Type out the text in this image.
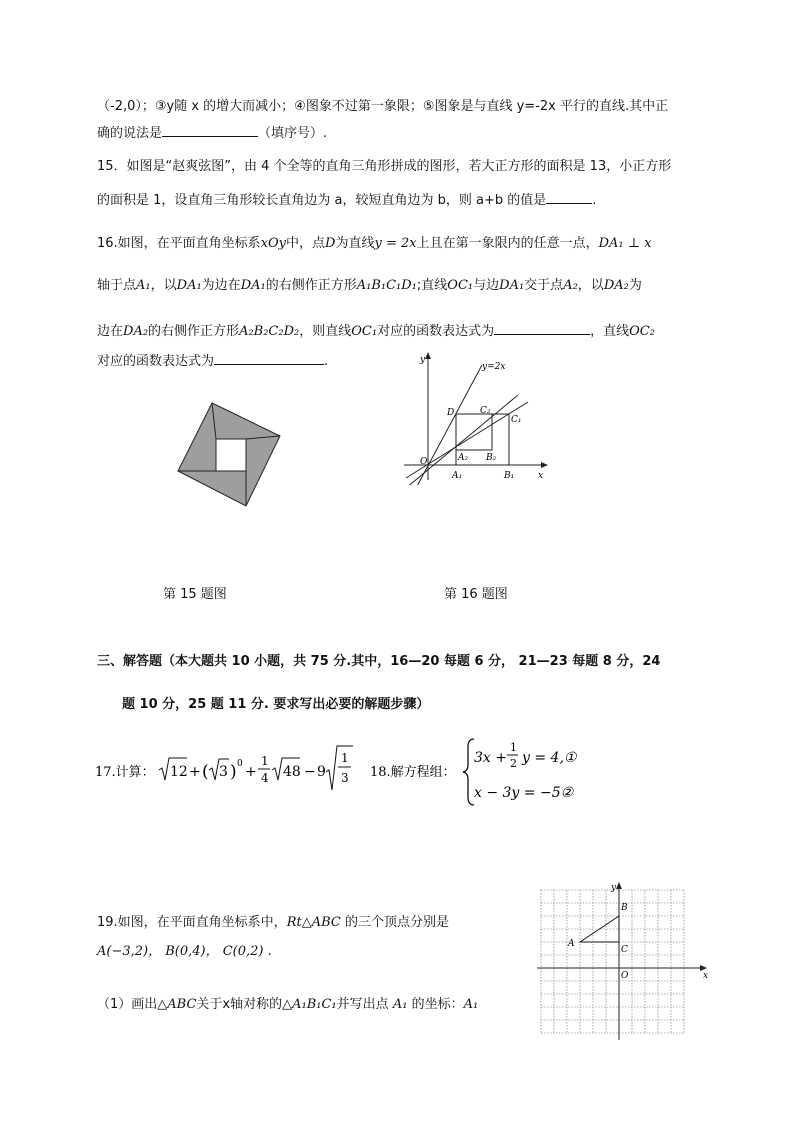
（-2,0）；③y随 x 的增大而减小；④图象不过第一象限；⑤图象是与直线 y=-2x 平行的直线.其中正
确的说法是	（填序号）.
15．如图是“赵爽弦图”，由 4 个全等的直角三角形拼成的图形，若大正方形的面积是 13，小正方形
的面积是 1，设直角三角形较长直角边为 a，较短直角边为 b，则 a+b 的值是	.
16.如图，在平面直角坐标系xOy中，点D为直线y = 2x上且在第一象限内的任意一点，DA₁ ⊥ x
轴于点A₁，以DA₁为边在DA₁的右侧作正方形A₁B₁C₁D₁;直线OC₁与边DA₁交于点A₂，以DA₂为
边在DA₂的右侧作正方形A₂B₂C₂D₂，则直线OC₁对应的函数表达式为	，直线OC₂
对应的函数表达式为	.	y
x
O
y=2x
D	C₂
C₁
A₂ B₂
A₁	B₁
第 15 题图	第 16 题图
三、解答题（本大题共 10 小题，共 75 分.其中，16—20 每题 6 分， 21—23 每题 8 分，24
题 10 分，25 题 11 分. 要求写出必要的解题步骤）
17.计算： 12 + ( 3 ) 0 +
1
4 48 − 9
1
3 18.解方程组：
3x +
1
2 y = 4,①
x − 3y = −5②
19.如图，在平面直角坐标系中，Rt△ABC 的三个顶点分别是
A(−3,2)， B(0,4)， C(0,2) .
（1）画出△ABC关于x轴对称的△A₁B₁C₁并写出点 A₁ 的坐标：A₁
y
x
O
A
B
C
